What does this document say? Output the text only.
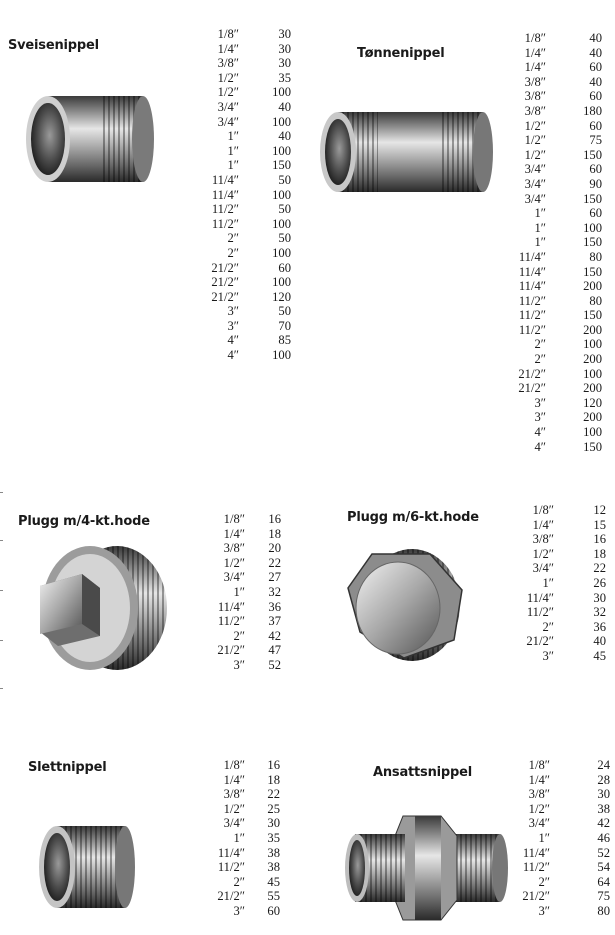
Sveisenippel
1/8″	30
1/4″	30
3/8″	30
1/2″	35
1/2″	100
3/4″	40
3/4″	100
1″	40
1″	100
1″	150
11/4″	50
11/4″	100
11/2″	50
11/2″	100
2″	50
2″	100
21/2″	60
21/2″	100
21/2″	120
3″	50
3″	70
4″	85
4″	100
Tønnenippel
1/8″	40
1/4″	40
1/4″	60
3/8″	40
3/8″	60
3/8″	180
1/2″	60
1/2″	75
1/2″	150
3/4″	60
3/4″	90
3/4″	150
1″	60
1″	100
1″	150
11/4″	80
11/4″	150
11/4″	200
11/2″	80
11/2″	150
11/2″	200
2″	100
2″	200
21/2″	100
21/2″	200
3″	120
3″	200
4″	100
4″	150
Plugg m/4-kt.hode	1/8″	16
1/4″	18
3/8″	20
1/2″	22
3/4″	27
1″	32
11/4″	36
11/2″	37
2″	42
21/2″	47
3″	52
Plugg m/6-kt.hode	1/8″	12
1/4″	15
3/8″	16
1/2″	18
3/4″	22
1″	26
11/4″	30
11/2″	32
2″	36
21/2″	40
3″	45
Slettnippel	1/8″	16
1/4″	18
3/8″	22
1/2″	25
3/4″	30
1″	35
11/4″	38
11/2″	38
2″	45
21/2″	55
3″	60
Ansattsnippel	1/8″	24
1/4″	28
3/8″	30
1/2″	38
3/4″	42
1″	46
11/4″	52
11/2″	54
2″	64
21/2″	75
3″	80
